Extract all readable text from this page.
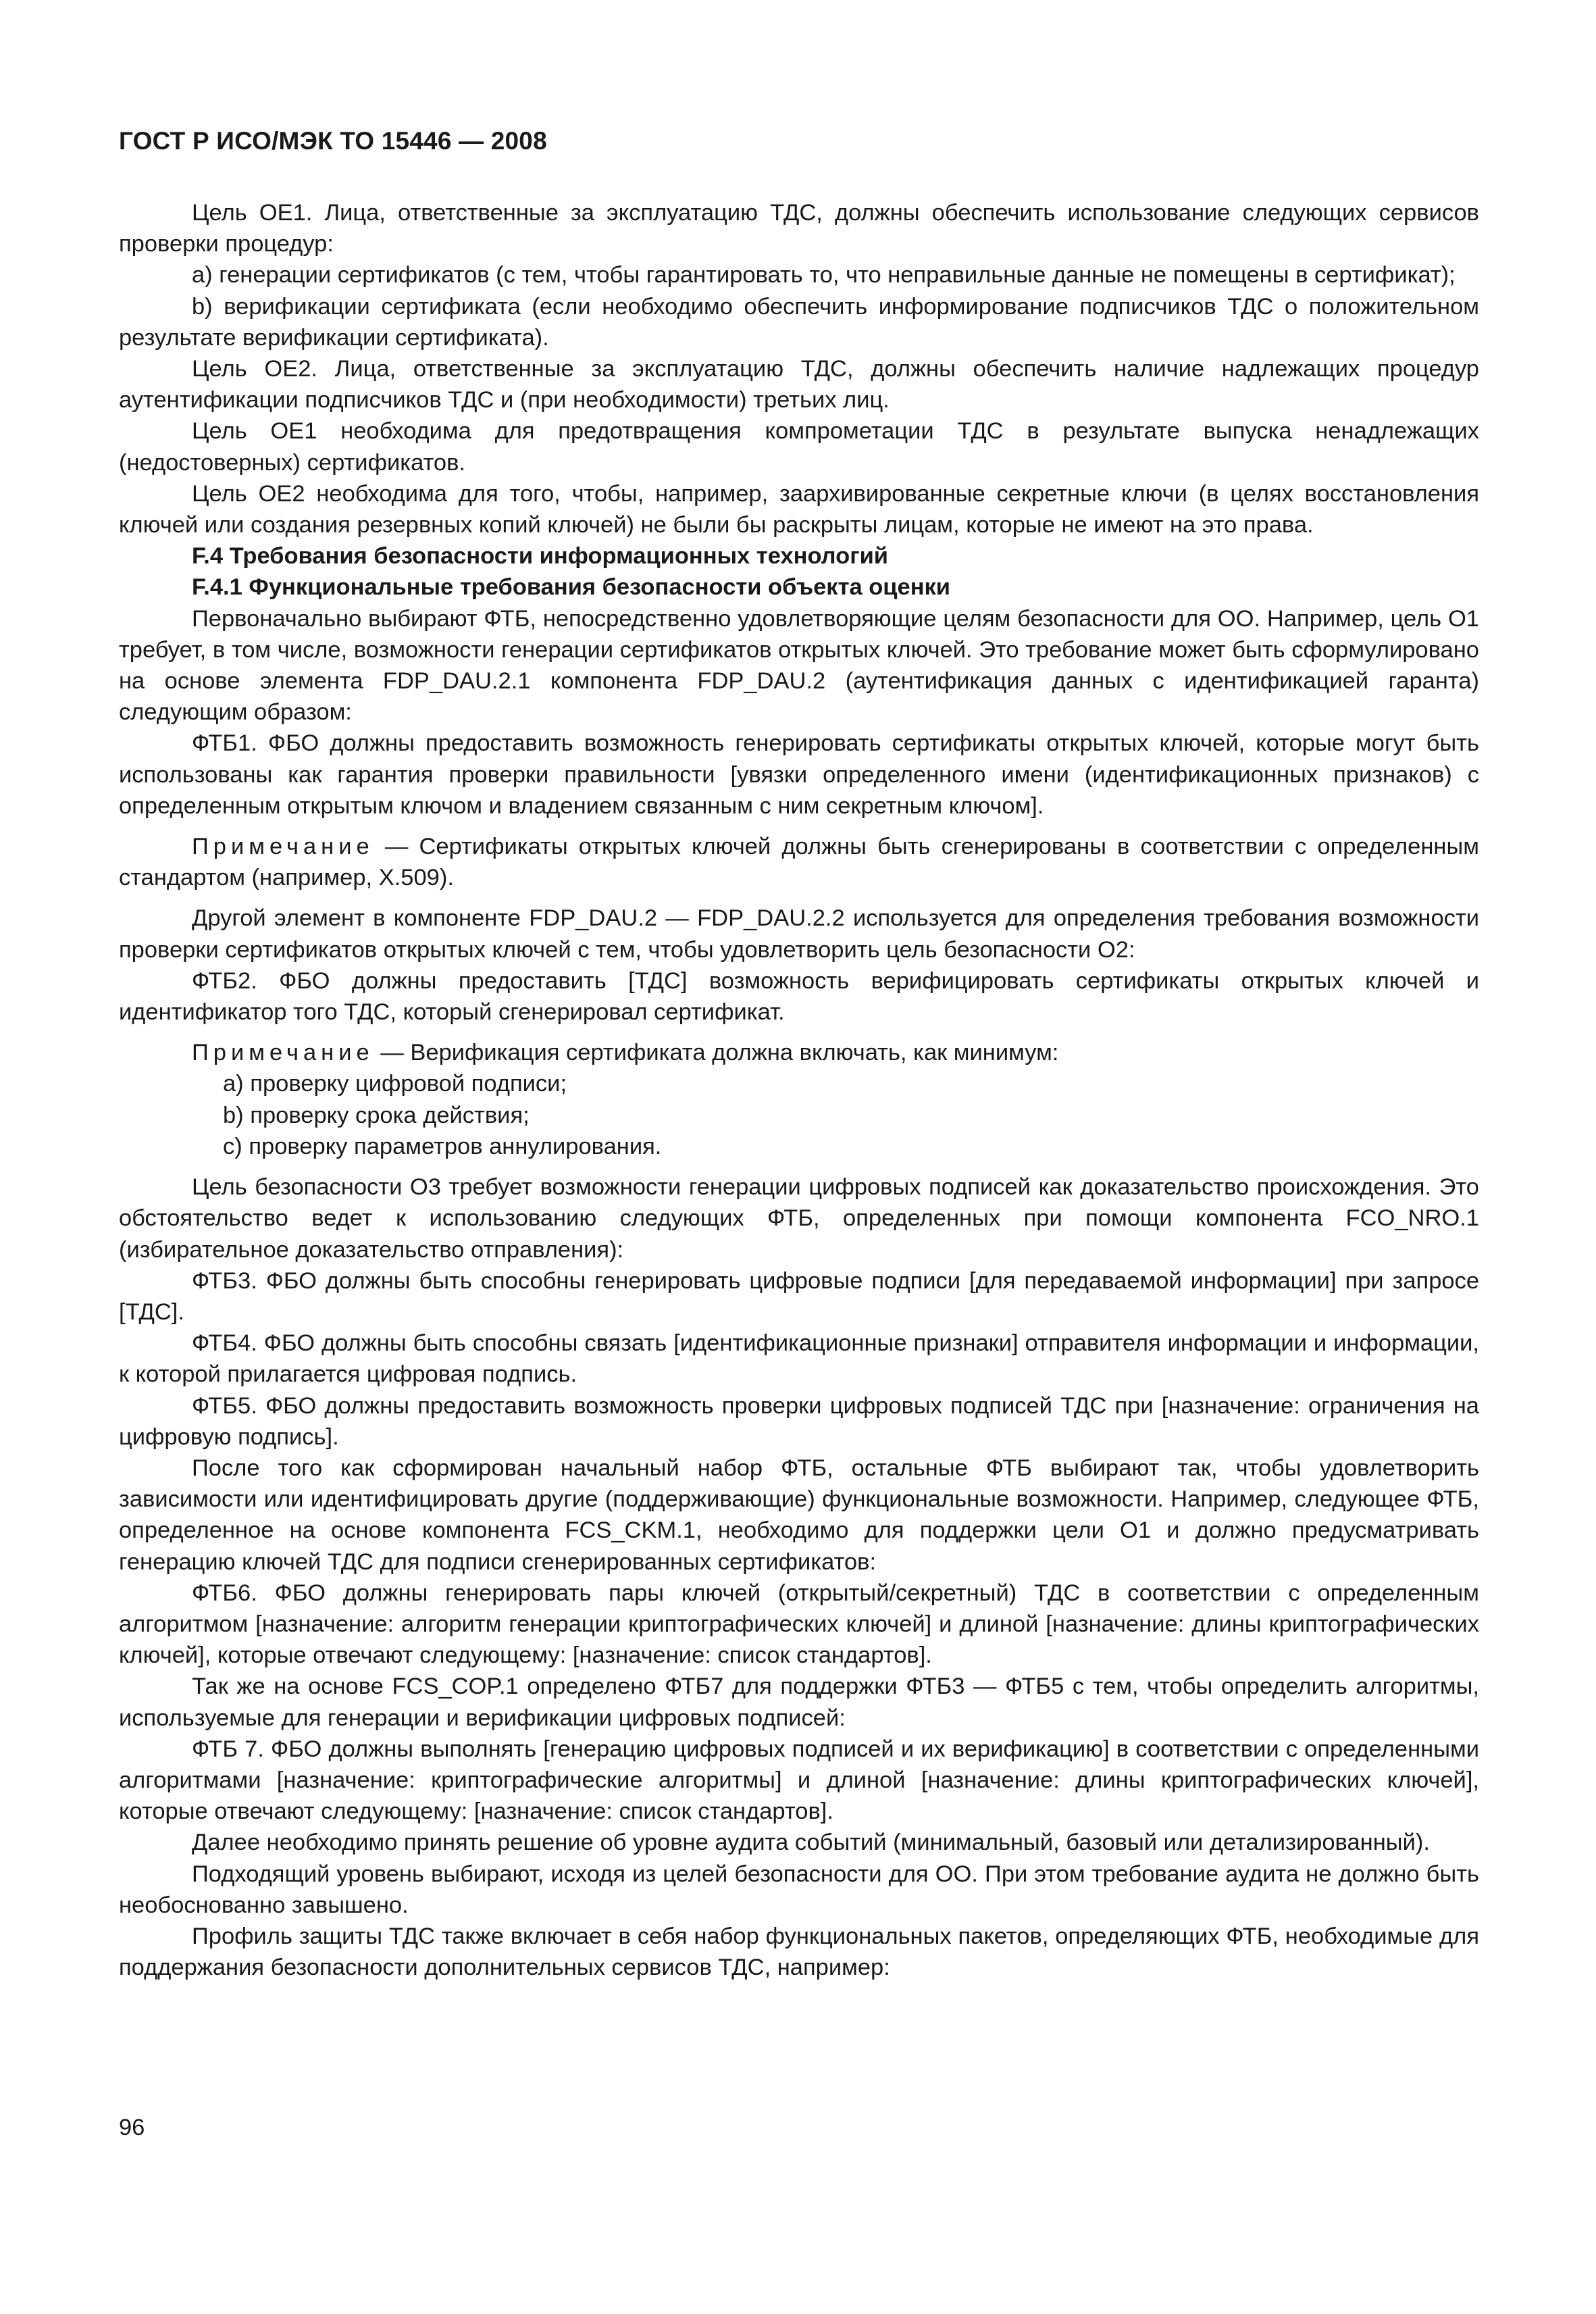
ГОСТ Р ИСО/МЭК ТО 15446 — 2008

Цель OE1. Лица, ответственные за эксплуатацию ТДС, должны обеспечить использование следующих сервисов проверки процедур:

a) генерации сертификатов (с тем, чтобы гарантировать то, что неправильные данные не помещены в сертификат);

b) верификации сертификата (если необходимо обеспечить информирование подписчиков ТДС о положительном результате верификации сертификата).

Цель OE2. Лица, ответственные за эксплуатацию ТДС, должны обеспечить наличие надлежащих процедур аутентификации подписчиков ТДС и (при необходимости) третьих лиц.

Цель OE1 необходима для предотвращения компрометации ТДС в результате выпуска ненадлежащих (недостоверных) сертификатов.

Цель OE2 необходима для того, чтобы, например, заархивированные секретные ключи (в целях восстановления ключей или создания резервных копий ключей) не были бы раскрыты лицам, которые не имеют на это права.

F.4 Требования безопасности информационных технологий

F.4.1 Функциональные требования безопасности объекта оценки

Первоначально выбирают ФТБ, непосредственно удовлетворяющие целям безопасности для ОО. Например, цель O1 требует, в том числе, возможности генерации сертификатов открытых ключей. Это требование может быть сформулировано на основе элемента FDP_DAU.2.1 компонента FDP_DAU.2 (аутентификация данных с идентификацией гаранта) следующим образом:

ФТБ1. ФБО должны предоставить возможность генерировать сертификаты открытых ключей, которые могут быть использованы как гарантия проверки правильности [увязки определенного имени (идентификационных признаков) с определенным открытым ключом и владением связанным с ним секретным ключом].

Примечание — Сертификаты открытых ключей должны быть сгенерированы в соответствии с определенным стандартом (например, X.509).

Другой элемент в компоненте FDP_DAU.2 — FDP_DAU.2.2 используется для определения требования возможности проверки сертификатов открытых ключей с тем, чтобы удовлетворить цель безопасности O2:

ФТБ2. ФБО должны предоставить [ТДС] возможность верифицировать сертификаты открытых ключей и идентификатор того ТДС, который сгенерировал сертификат.

Примечание — Верификация сертификата должна включать, как минимум:

a) проверку цифровой подписи;

b) проверку срока действия;

c) проверку параметров аннулирования.

Цель безопасности O3 требует возможности генерации цифровых подписей как доказательство происхождения. Это обстоятельство ведет к использованию следующих ФТБ, определенных при помощи компонента FCO_NRO.1 (избирательное доказательство отправления):

ФТБ3. ФБО должны быть способны генерировать цифровые подписи [для передаваемой информации] при запросе [ТДС].

ФТБ4. ФБО должны быть способны связать [идентификационные признаки] отправителя информации и информации, к которой прилагается цифровая подпись.

ФТБ5. ФБО должны предоставить возможность проверки цифровых подписей ТДС при [назначение: ограничения на цифровую подпись].

После того как сформирован начальный набор ФТБ, остальные ФТБ выбирают так, чтобы удовлетворить зависимости или идентифицировать другие (поддерживающие) функциональные возможности. Например, следующее ФТБ, определенное на основе компонента FCS_CKM.1, необходимо для поддержки цели O1 и должно предусматривать генерацию ключей ТДС для подписи сгенерированных сертификатов:

ФТБ6. ФБО должны генерировать пары ключей (открытый/секретный) ТДС в соответствии с определенным алгоритмом [назначение: алгоритм генерации криптографических ключей] и длиной [назначение: длины криптографических ключей], которые отвечают следующему: [назначение: список стандартов].

Так же на основе FCS_COP.1 определено ФТБ7 для поддержки ФТБ3 — ФТБ5 с тем, чтобы определить алгоритмы, используемые для генерации и верификации цифровых подписей:

ФТБ 7. ФБО должны выполнять [генерацию цифровых подписей и их верификацию] в соответствии с определенными алгоритмами [назначение: криптографические алгоритмы] и длиной [назначение: длины криптографических ключей], которые отвечают следующему: [назначение: список стандартов].

Далее необходимо принять решение об уровне аудита событий (минимальный, базовый или детализированный).

Подходящий уровень выбирают, исходя из целей безопасности для ОО. При этом требование аудита не должно быть необоснованно завышено.

Профиль защиты ТДС также включает в себя набор функциональных пакетов, определяющих ФТБ, необходимые для поддержания безопасности дополнительных сервисов ТДС, например:

96
